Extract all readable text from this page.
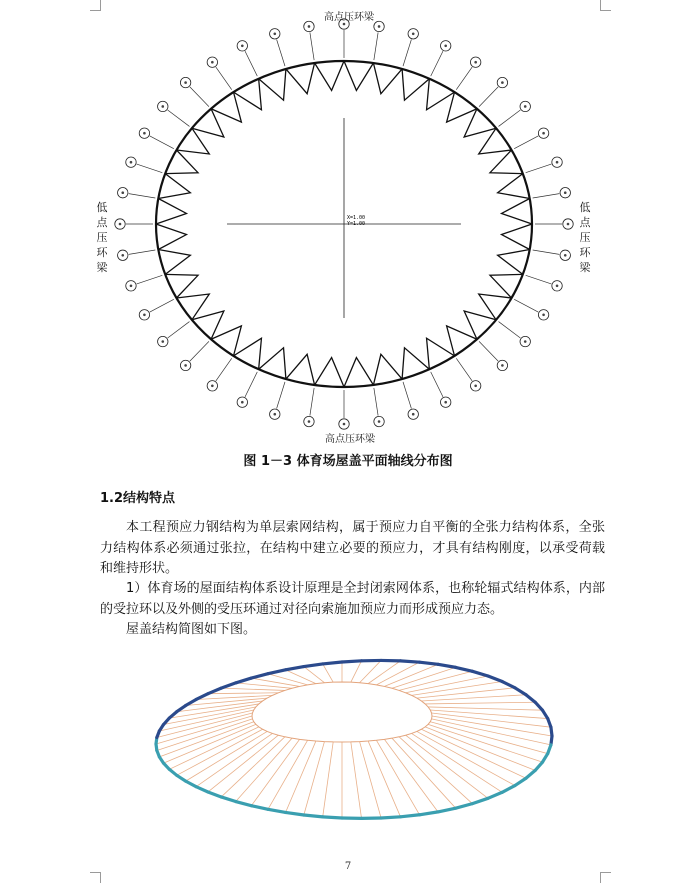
X=1.00
Y=1.00
高点压环梁
高点压环梁
低点压环梁
低点压环梁
图 1－3 体育场屋盖平面轴线分布图
1.2结构特点

本工程预应力钢结构为单层索网结构，属于预应力自平衡的全张力结构体系，全张力结构体系必须通过张拉，在结构中建立必要的预应力，才具有结构刚度，以承受荷载和维持形状。

1）体育场的屋面结构体系设计原理是全封闭索网体系，也称轮辐式结构体系，内部的受拉环以及外侧的受压环通过对径向索施加预应力而形成预应力态。

屋盖结构简图如下图。

7
